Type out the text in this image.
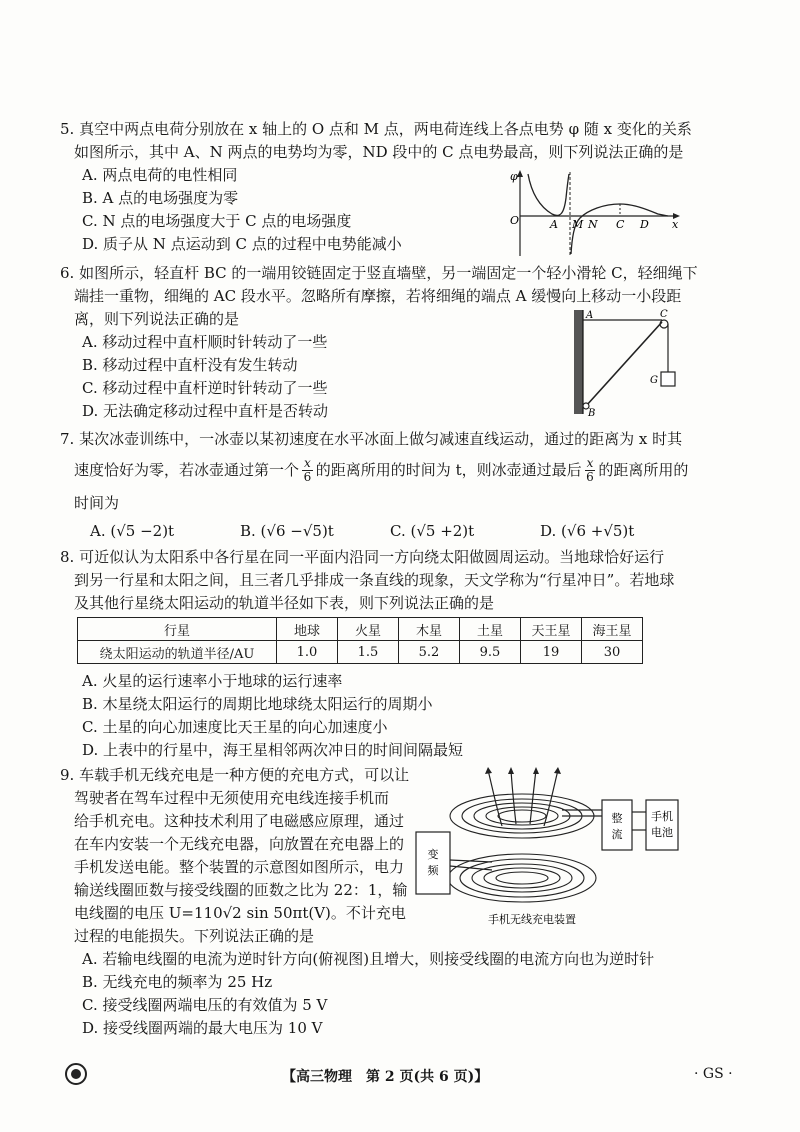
5. 真空中两点电荷分别放在 x 轴上的 O 点和 M 点，两电荷连线上各点电势 φ 随 x 变化的关系
如图所示，其中 A、N 两点的电势均为零，ND 段中的 C 点电势最高，则下列说法正确的是
A. 两点电荷的电性相同
B. A 点的电场强度为零
C. N 点的电场强度大于 C 点的电场强度
D. 质子从 N 点运动到 C 点的过程中电势能减小
φ
O	A M N C D x
6. 如图所示，轻直杆 BC 的一端用铰链固定于竖直墙壁，另一端固定一个轻小滑轮 C，轻细绳下
端挂一重物，细绳的 AC 段水平。忽略所有摩擦，若将细绳的端点 A 缓慢向上移动一小段距
离，则下列说法正确的是
A. 移动过程中直杆顺时针转动了一些
B. 移动过程中直杆没有发生转动
C. 移动过程中直杆逆时针转动了一些
D. 无法确定移动过程中直杆是否转动
A	C
G
B
7. 某次冰壶训练中，一冰壶以某初速度在水平冰面上做匀减速直线运动，通过的距离为 x 时其
速度恰好为零，若冰壶通过第一个 $\frac{x}{6}$ 的距离所用的时间为 t，则冰壶通过最后 $\frac{x}{6}$ 的距离所用的
时间为
A. (√5 −2)t	B. (√6 −√5)t	C. (√5 +2)t	D. (√6 +√5)t
8. 可近似认为太阳系中各行星在同一平面内沿同一方向绕太阳做圆周运动。当地球恰好运行
到另一行星和太阳之间，且三者几乎排成一条直线的现象，天文学称为“行星冲日”。若地球
及其他行星绕太阳运动的轨道半径如下表，则下列说法正确的是
行星	地球	火星	木星	土星	天王星	海王星
绕太阳运动的轨道半径/AU	1.0	1.5	5.2	9.5	19	30
A. 火星的运行速率小于地球的运行速率
B. 木星绕太阳运行的周期比地球绕太阳运行的周期小
C. 土星的向心加速度比天王星的向心加速度小
D. 上表中的行星中，海王星相邻两次冲日的时间间隔最短
9. 车载手机无线充电是一种方便的充电方式，可以让
驾驶者在驾车过程中无须使用充电线连接手机而
给手机充电。这种技术利用了电磁感应原理，通过
在车内安装一个无线充电器，向放置在充电器上的
手机发送电能。整个装置的示意图如图所示，电力
输送线圈匝数与接受线圈的匝数之比为 22：1，输
电线圈的电压 U=110√2 sin 50πt(V)。不计充电
过程的电能损失。下列说法正确的是
A. 若输电线圈的电流为逆时针方向(俯视图)且增大，则接受线圈的电流方向也为逆时针
B. 无线充电的频率为 25 Hz
C. 接受线圈两端电压的有效值为 5 V
D. 接受线圈两端的最大电压为 10 V
整
流
手机
电池
变
频
手机无线充电装置
【高三物理　第 2 页(共 6 页)】	· GS ·
